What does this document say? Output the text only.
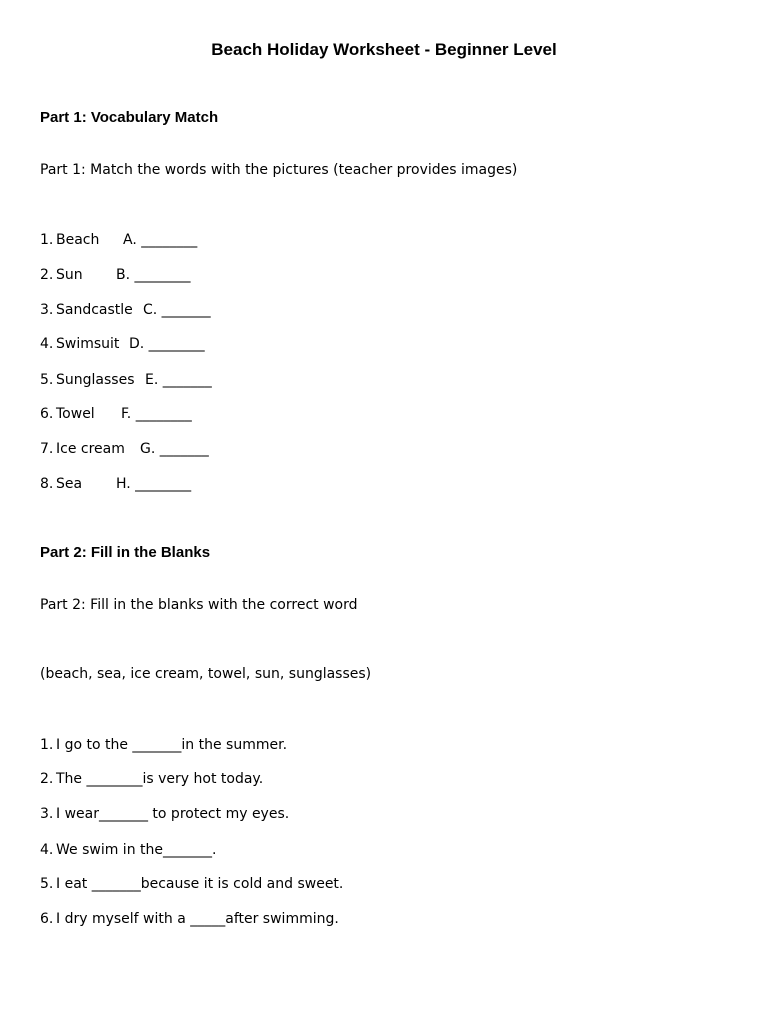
Beach Holiday Worksheet - Beginner Level
Part 1: Vocabulary Match
Part 1: Match the words with the pictures (teacher provides images)
1. Beach A. ________
2. Sun B. ________
3. Sandcastle C. _______
4. Swimsuit D. ________
5. Sunglasses E. _______
6. Towel F. ________
7. Ice cream G. _______
8. Sea H. ________
Part 2: Fill in the Blanks
Part 2: Fill in the blanks with the correct word
(beach, sea, ice cream, towel, sun, sunglasses)
1. I go to the _______in the summer.
2. The ________is very hot today.
3. I wear_______ to protect my eyes.
4. We swim in the_______.
5. I eat _______because it is cold and sweet.
6. I dry myself with a _____after swimming.
